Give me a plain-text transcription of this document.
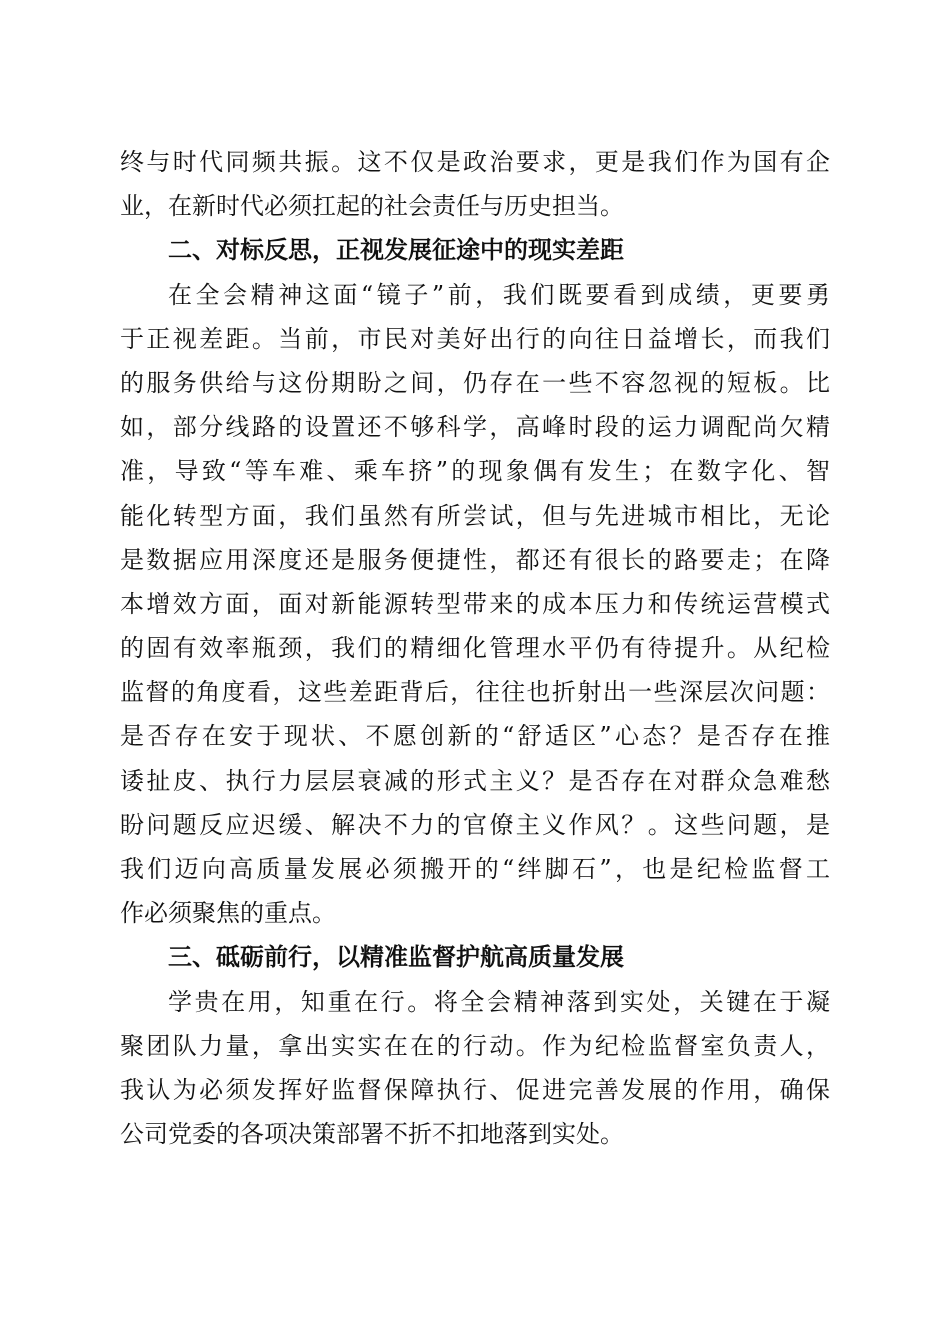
终与时代同频共振。这不仅是政治要求，更是我们作为国有企
业，在新时代必须扛起的社会责任与历史担当。
二、对标反思，正视发展征途中的现实差距
在全会精神这面“镜子”前，我们既要看到成绩，更要勇
于正视差距。当前，市民对美好出行的向往日益增长，而我们
的服务供给与这份期盼之间，仍存在一些不容忽视的短板。比
如，部分线路的设置还不够科学，高峰时段的运力调配尚欠精
准，导致“等车难、乘车挤”的现象偶有发生；在数字化、智
能化转型方面，我们虽然有所尝试，但与先进城市相比，无论
是数据应用深度还是服务便捷性，都还有很长的路要走；在降
本增效方面，面对新能源转型带来的成本压力和传统运营模式
的固有效率瓶颈，我们的精细化管理水平仍有待提升。从纪检
监督的角度看，这些差距背后，往往也折射出一些深层次问题：
是否存在安于现状、不愿创新的“舒适区”心态？是否存在推
诿扯皮、执行力层层衰减的形式主义？是否存在对群众急难愁
盼问题反应迟缓、解决不力的官僚主义作风？。这些问题，是
我们迈向高质量发展必须搬开的“绊脚石”，也是纪检监督工
作必须聚焦的重点。
三、砥砺前行，以精准监督护航高质量发展
学贵在用，知重在行。将全会精神落到实处，关键在于凝
聚团队力量，拿出实实在在的行动。作为纪检监督室负责人，
我认为必须发挥好监督保障执行、促进完善发展的作用，确保
公司党委的各项决策部署不折不扣地落到实处。
